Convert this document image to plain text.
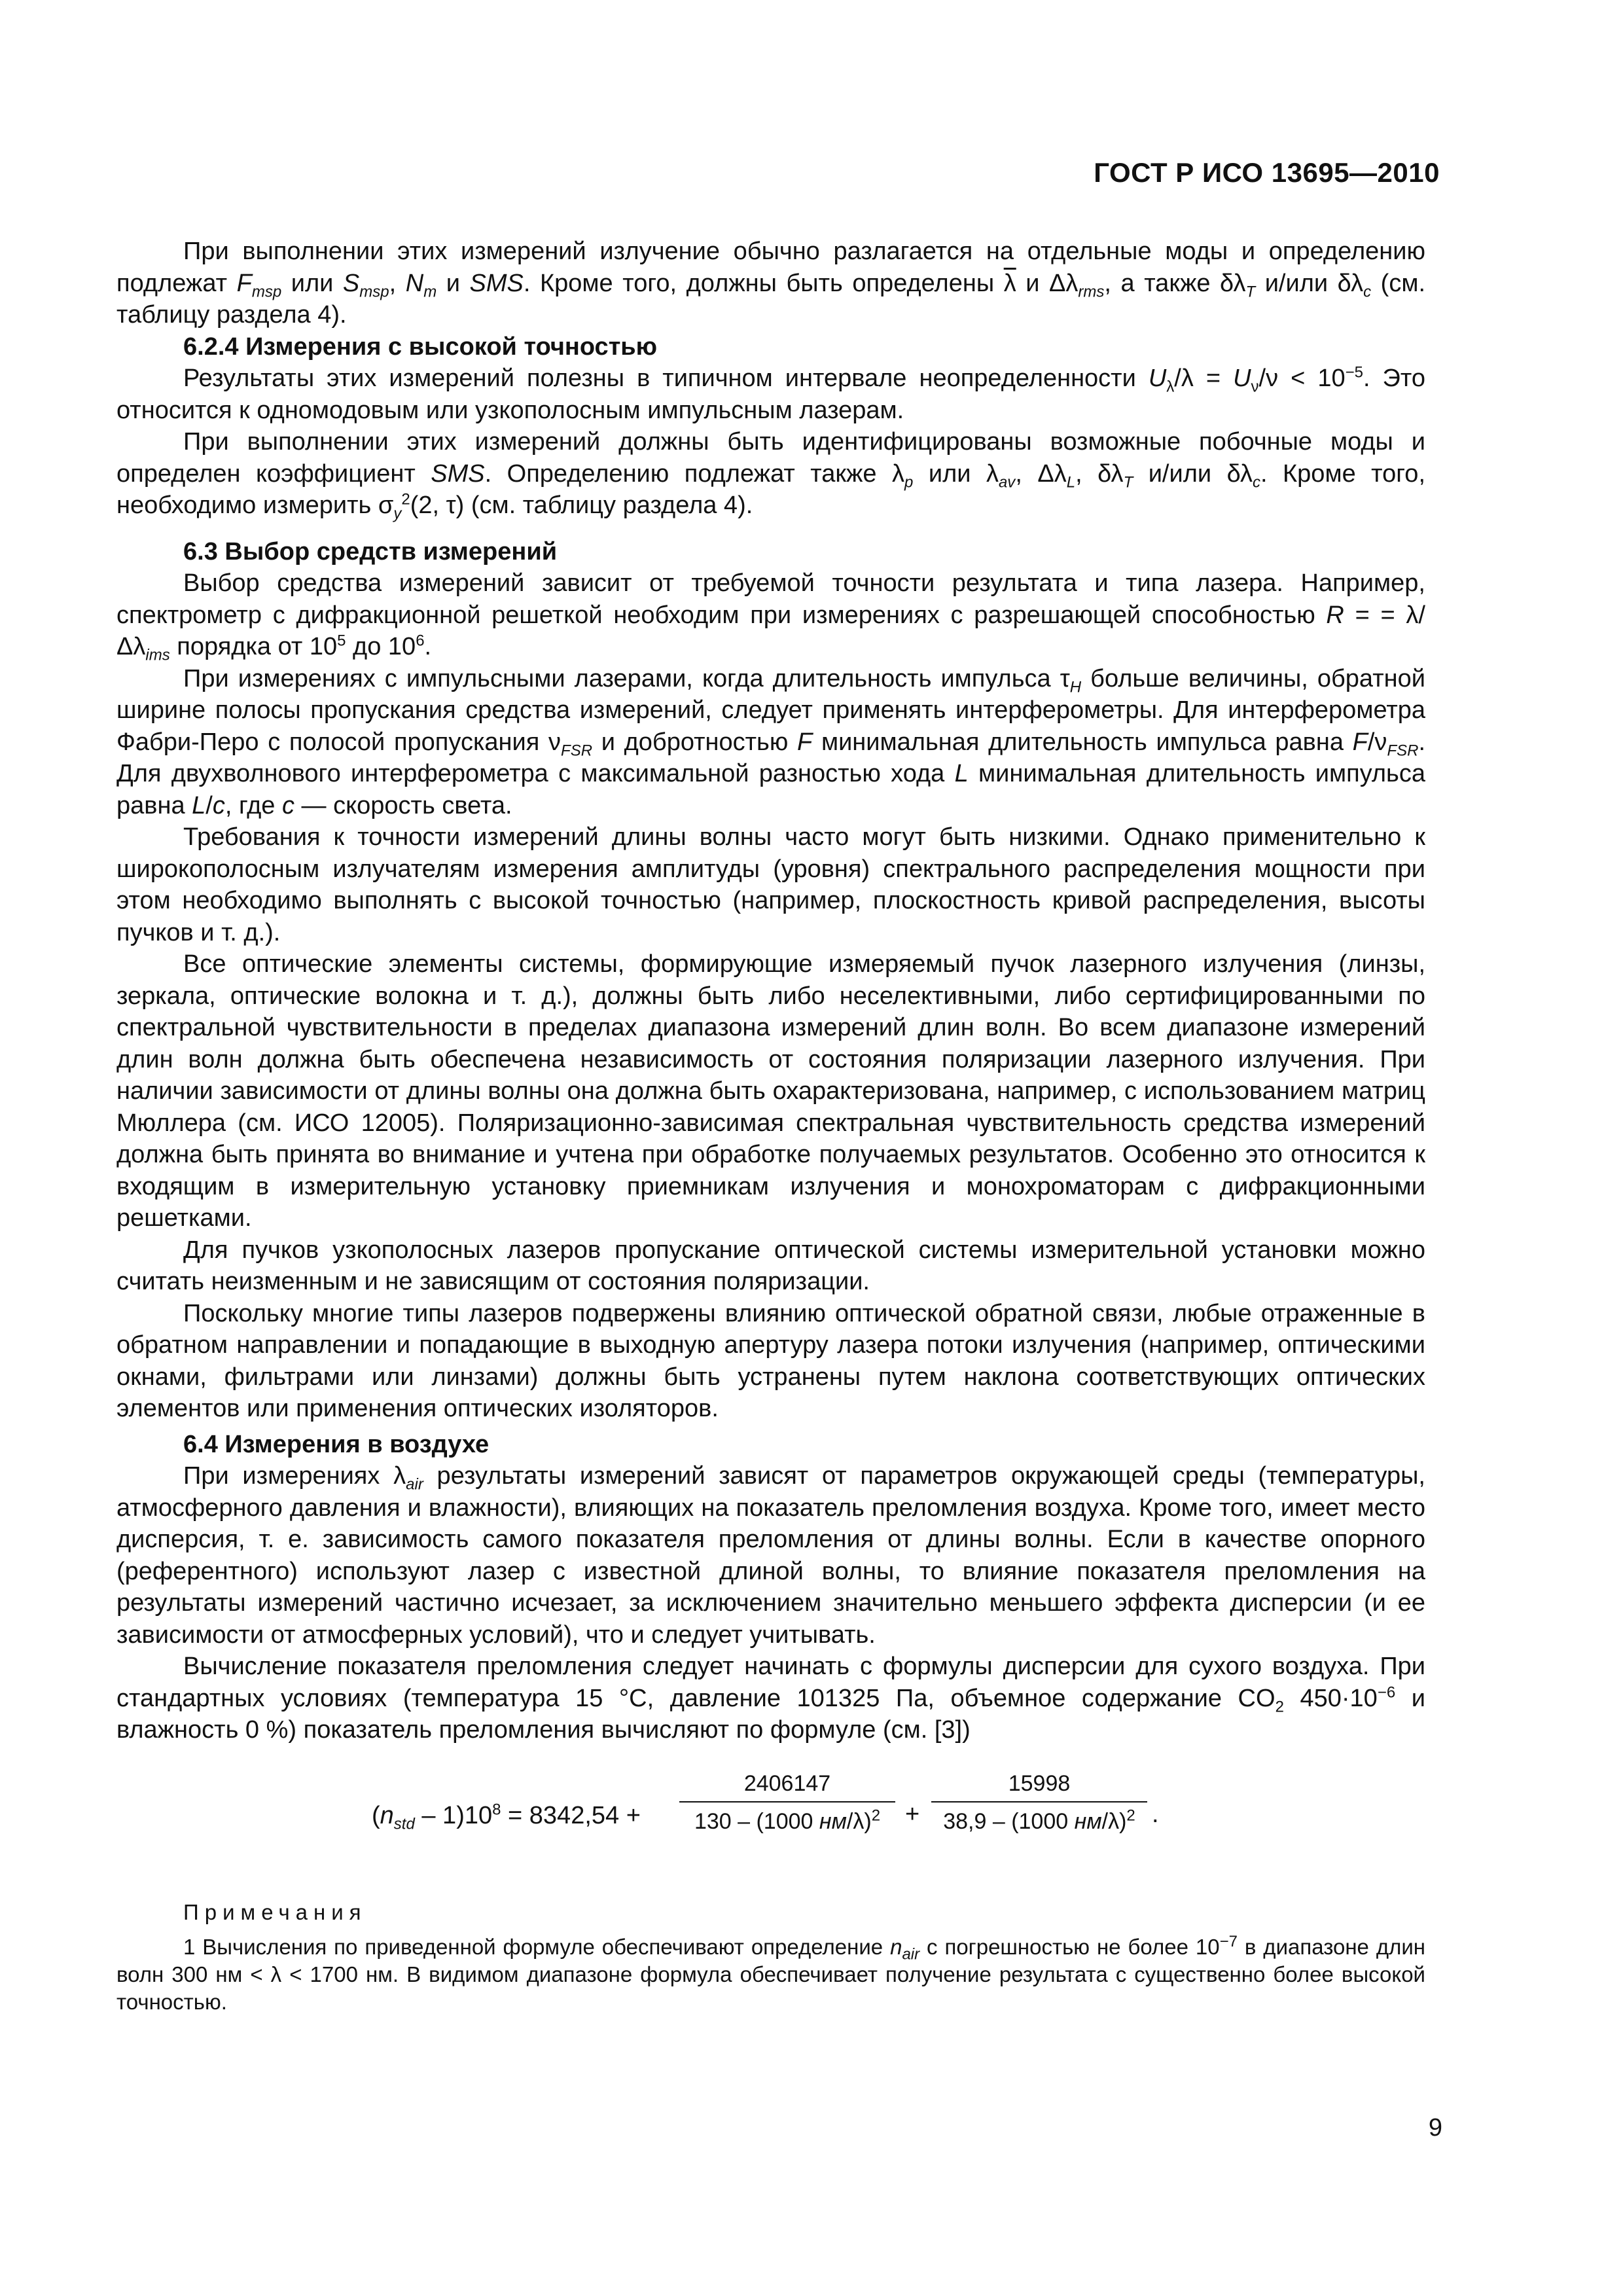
ГОСТ Р ИСО 13695—2010

При выполнении этих измерений излучение обычно разлагается на отдельные моды и определению подлежат $F_{msp}$ или $S_{msp}$, $N_m$ и SMS. Кроме того, должны быть определены $\overline{\lambda}$ и $\Delta\lambda_{rms}$, а также $\delta\lambda_T$ и/или $\delta\lambda_c$ (см. таблицу раздела 4).

6.2.4 Измерения с высокой точностью

Результаты этих измерений полезны в типичном интервале неопределенности $U_\lambda/\lambda = U_\nu/\nu < 10^{-5}$. Это относится к одномодовым или узкополосным импульсным лазерам.

При выполнении этих измерений должны быть идентифицированы возможные побочные моды и определен коэффициент SMS. Определению подлежат также $\lambda_p$ или $\lambda_{av}$, $\Delta\lambda_L$, $\delta\lambda_T$ и/или $\delta\lambda_c$. Кроме того, необходимо измерить $\sigma_y^2(2$, τ) (см. таблицу раздела 4).

6.3 Выбор средств измерений

Выбор средства измерений зависит от требуемой точности результата и типа лазера. Например, спектрометр с дифракционной решеткой необходим при измерениях с разрешающей способностью R = = $\lambda/\Delta\lambda_{ims}$ порядка от $10^5$ до $10^6$.

При измерениях с импульсными лазерами, когда длительность импульса $\tau_H$ больше величины, обратной ширине полосы пропускания средства измерений, следует применять интерферометры. Для интерферометра Фабри-Перо с полосой пропускания $\nu_{FSR}$ и добротностью F минимальная длительность импульса равна $F/\nu_{FSR}$. Для двухволнового интерферометра с максимальной разностью хода L минимальная длительность импульса равна L/c, где c — скорость света.

Требования к точности измерений длины волны часто могут быть низкими. Однако применительно к широкополосным излучателям измерения амплитуды (уровня) спектрального распределения мощности при этом необходимо выполнять с высокой точностью (например, плоскостность кривой распределения, высоты пучков и т. д.).

Все оптические элементы системы, формирующие измеряемый пучок лазерного излучения (линзы, зеркала, оптические волокна и т. д.), должны быть либо неселективными, либо сертифицированными по спектральной чувствительности в пределах диапазона измерений длин волн. Во всем диапазоне измерений длин волн должна быть обеспечена независимость от состояния поляризации лазерного излучения. При наличии зависимости от длины волны она должна быть охарактеризована, например, с использованием матриц Мюллера (см. ИСО 12005). Поляризационно-зависимая спектральная чувствительность средства измерений должна быть принята во внимание и учтена при обработке получаемых результатов. Особенно это относится к входящим в измерительную установку приемникам излучения и монохроматорам с дифракционными решетками.

Для пучков узкополосных лазеров пропускание оптической системы измерительной установки можно считать неизменным и не зависящим от состояния поляризации.

Поскольку многие типы лазеров подвержены влиянию оптической обратной связи, любые отраженные в обратном направлении и попадающие в выходную апертуру лазера потоки излучения (например, оптическими окнами, фильтрами или линзами) должны быть устранены путем наклона соответствующих оптических элементов или применения оптических изоляторов.

6.4 Измерения в воздухе

При измерениях $\lambda_{air}$ результаты измерений зависят от параметров окружающей среды (температуры, атмосферного давления и влажности), влияющих на показатель преломления воздуха. Кроме того, имеет место дисперсия, т. е. зависимость самого показателя преломления от длины волны. Если в качестве опорного (референтного) используют лазер с известной длиной волны, то влияние показателя преломления на результаты измерений частично исчезает, за исключением значительно меньшего эффекта дисперсии (и ее зависимости от атмосферных условий), что и следует учитывать.

Вычисление показателя преломления следует начинать с формулы дисперсии для сухого воздуха. При стандартных условиях (температура 15 °С, давление 101325 Па, объемное содержание $CO_2$ $450\cdot 10^{-6}$ и влажность 0 %) показатель преломления вычисляют по формуле (см. [3])

$(n_{std} - 1)10^8 = 8342,54$ +
2406147
130 – (1000 нм/λ)$^2$ +
15998
38,9 – (1000 нм/λ)$^2$ .
Примечания
1 Вычисления по приведенной формуле обеспечивают определение $n_{air}$ с погрешностью не более $10^{-7}$ в диапазоне длин волн 300 нм < λ < 1700 нм. В видимом диапазоне формула обеспечивает получение результата с существенно более высокой точностью.
9
